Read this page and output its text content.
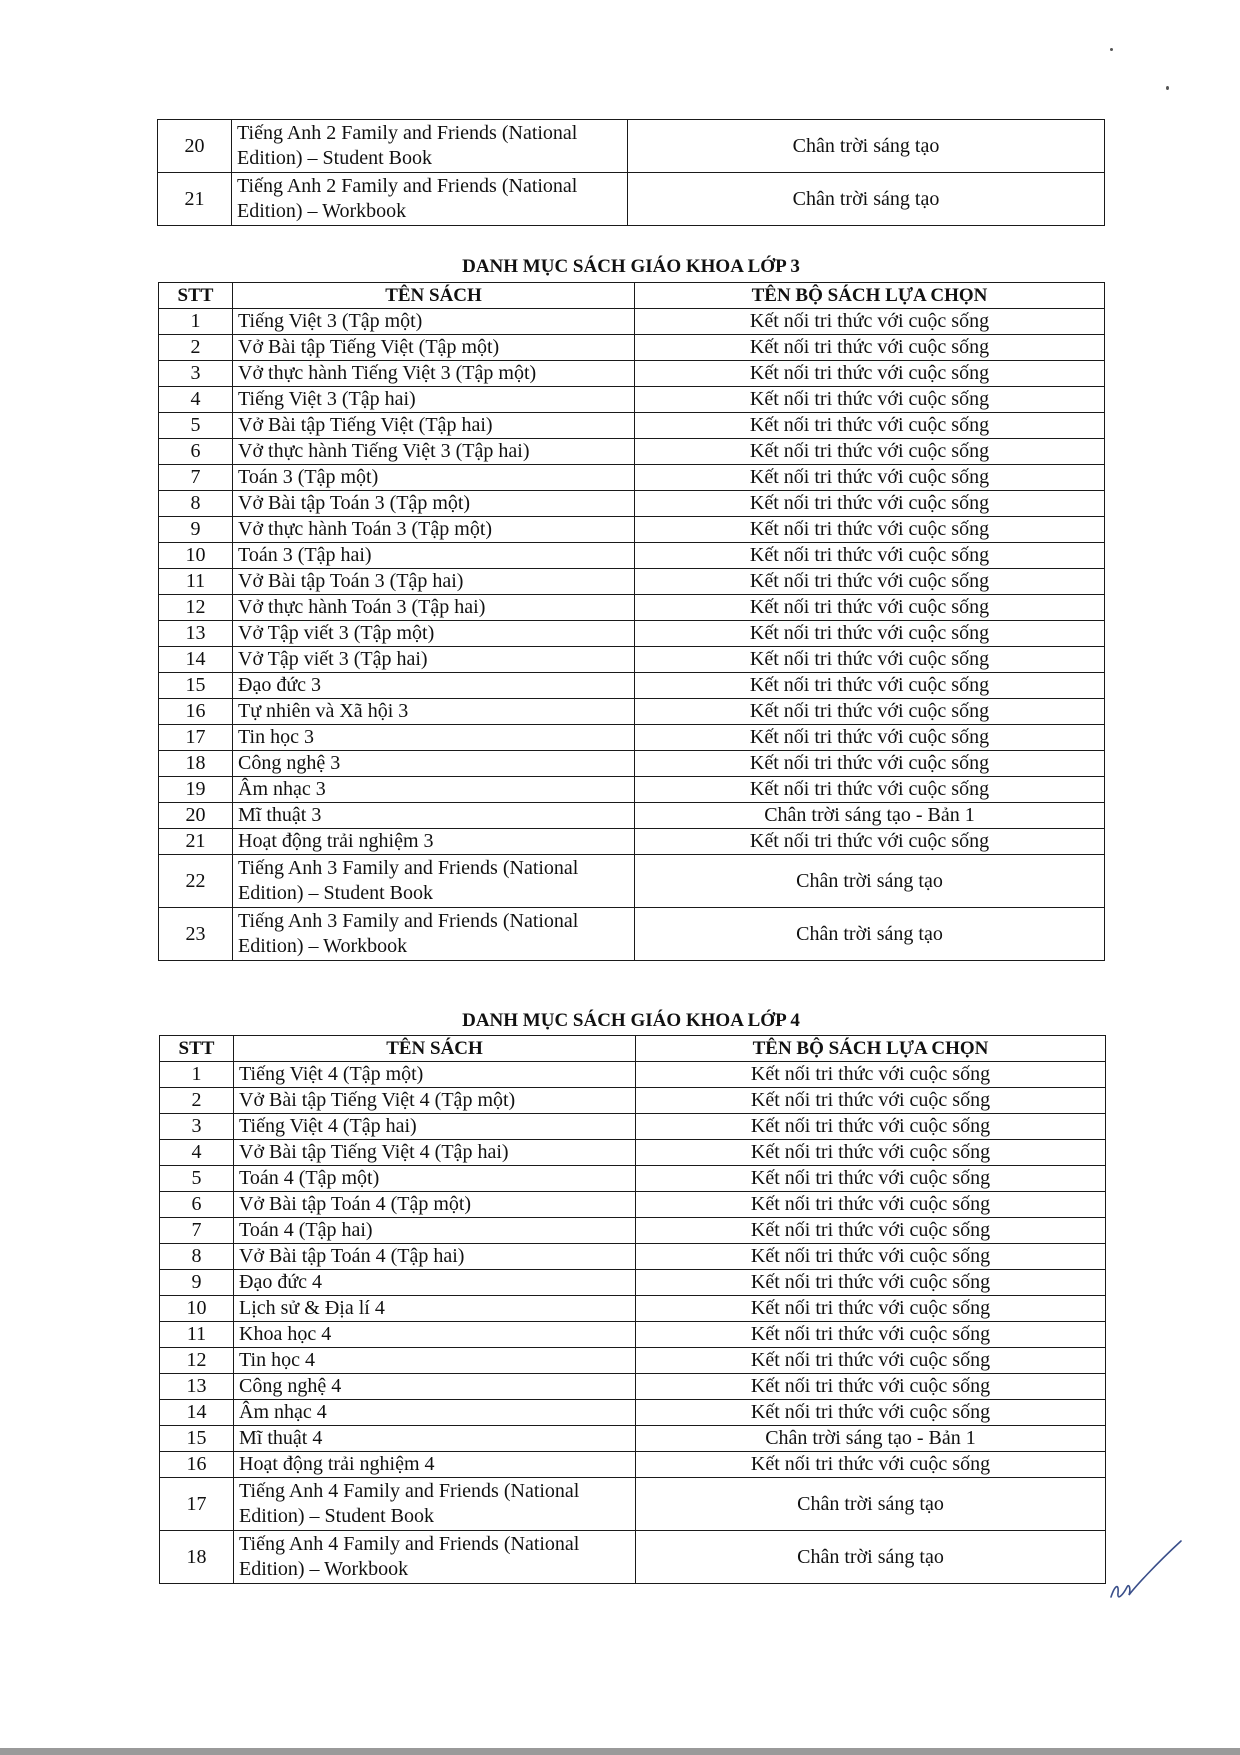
20	Tiếng Anh 2 Family and Friends (National Edition) – Student Book	Chân trời sáng tạo
21	Tiếng Anh 2 Family and Friends (National Edition) – Workbook	Chân trời sáng tạo
DANH MỤC SÁCH GIÁO KHOA LỚP 3
STT	TÊN SÁCH	TÊN BỘ SÁCH LỰA CHỌN
1	Tiếng Việt 3 (Tập một)	Kết nối tri thức với cuộc sống
2	Vở Bài tập Tiếng Việt (Tập một)	Kết nối tri thức với cuộc sống
3	Vở thực hành Tiếng Việt 3 (Tập một)	Kết nối tri thức với cuộc sống
4	Tiếng Việt 3 (Tập hai)	Kết nối tri thức với cuộc sống
5	Vở Bài tập Tiếng Việt (Tập hai)	Kết nối tri thức với cuộc sống
6	Vở thực hành Tiếng Việt 3 (Tập hai)	Kết nối tri thức với cuộc sống
7	Toán 3 (Tập một)	Kết nối tri thức với cuộc sống
8	Vở Bài tập Toán 3 (Tập một)	Kết nối tri thức với cuộc sống
9	Vở thực hành Toán 3 (Tập một)	Kết nối tri thức với cuộc sống
10	Toán 3 (Tập hai)	Kết nối tri thức với cuộc sống
11	Vở Bài tập Toán 3 (Tập hai)	Kết nối tri thức với cuộc sống
12	Vở thực hành Toán 3 (Tập hai)	Kết nối tri thức với cuộc sống
13	Vở Tập viết 3 (Tập một)	Kết nối tri thức với cuộc sống
14	Vở Tập viết 3 (Tập hai)	Kết nối tri thức với cuộc sống
15	Đạo đức 3	Kết nối tri thức với cuộc sống
16	Tự nhiên và Xã hội 3	Kết nối tri thức với cuộc sống
17	Tin học 3	Kết nối tri thức với cuộc sống
18	Công nghệ 3	Kết nối tri thức với cuộc sống
19	Âm nhạc 3	Kết nối tri thức với cuộc sống
20	Mĩ thuật 3	Chân trời sáng tạo - Bản 1
21	Hoạt động trải nghiệm 3	Kết nối tri thức với cuộc sống
22	Tiếng Anh 3 Family and Friends (National Edition) – Student Book	Chân trời sáng tạo
23	Tiếng Anh 3 Family and Friends (National Edition) – Workbook	Chân trời sáng tạo
DANH MỤC SÁCH GIÁO KHOA LỚP 4
STT	TÊN SÁCH	TÊN BỘ SÁCH LỰA CHỌN
1	Tiếng Việt 4 (Tập một)	Kết nối tri thức với cuộc sống
2	Vở Bài tập Tiếng Việt 4 (Tập một)	Kết nối tri thức với cuộc sống
3	Tiếng Việt 4 (Tập hai)	Kết nối tri thức với cuộc sống
4	Vở Bài tập Tiếng Việt 4 (Tập hai)	Kết nối tri thức với cuộc sống
5	Toán 4 (Tập một)	Kết nối tri thức với cuộc sống
6	Vở Bài tập Toán 4 (Tập một)	Kết nối tri thức với cuộc sống
7	Toán 4 (Tập hai)	Kết nối tri thức với cuộc sống
8	Vở Bài tập Toán 4 (Tập hai)	Kết nối tri thức với cuộc sống
9	Đạo đức 4	Kết nối tri thức với cuộc sống
10	Lịch sử & Địa lí 4	Kết nối tri thức với cuộc sống
11	Khoa học 4	Kết nối tri thức với cuộc sống
12	Tin học 4	Kết nối tri thức với cuộc sống
13	Công nghệ 4	Kết nối tri thức với cuộc sống
14	Âm nhạc 4	Kết nối tri thức với cuộc sống
15	Mĩ thuật 4	Chân trời sáng tạo - Bản 1
16	Hoạt động trải nghiệm 4	Kết nối tri thức với cuộc sống
17	Tiếng Anh 4 Family and Friends (National Edition) – Student Book	Chân trời sáng tạo
18	Tiếng Anh 4 Family and Friends (National Edition) – Workbook	Chân trời sáng tạo
